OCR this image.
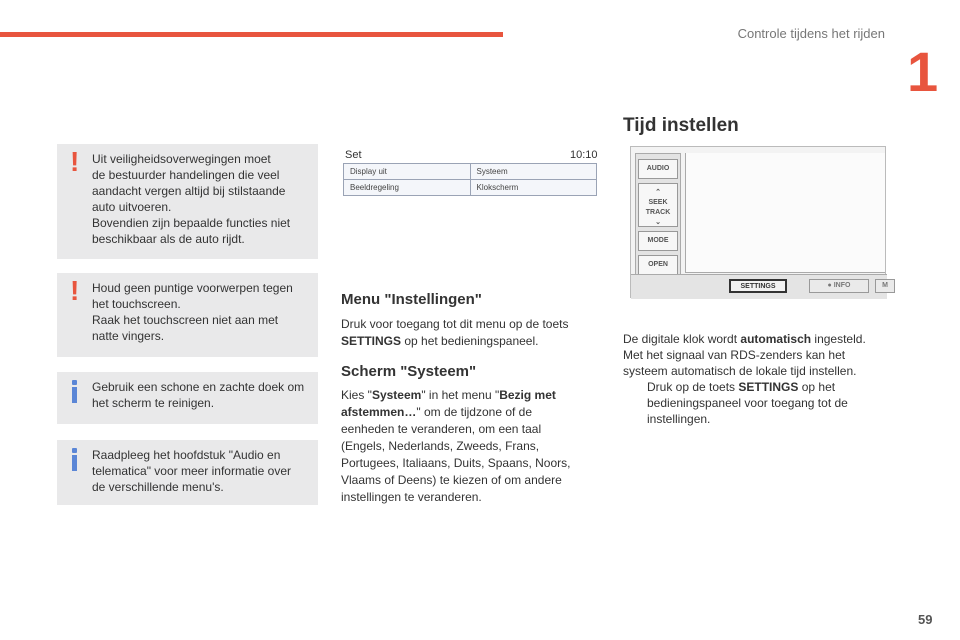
Controle tijdens het rijden
1
! Uit veiligheidsoverwegingen moet
de bestuurder handelingen die veel
aandacht vergen altijd bij stilstaande
auto uitvoeren.
Bovendien zijn bepaalde functies niet
beschikbaar als de auto rijdt.

! Houd geen puntige voorwerpen tegen
het touchscreen.
Raak het touchscreen niet aan met
natte vingers.

Gebruik een schone en zachte doek om
het scherm te reinigen.

Raadpleeg het hoofdstuk "Audio en
telematica" voor meer informatie over
de verschillende menu's.

Set	10:10
Display uit	Systeem
Beeldregeling	Klokscherm
Menu "Instellingen"
Druk voor toegang tot dit menu op de toets SETTINGS op het bedieningspaneel.
Scherm "Systeem"
Kies "Systeem" in het menu "Bezig met afstemmen…" om de tijdzone of de eenheden te veranderen, om een taal (Engels, Nederlands, Zweeds, Frans, Portugees, Italiaans, Duits, Spaans, Noors, Vlaams of Deens) te kiezen of om andere instellingen te veranderen.
Tijd instellen
AUDIO
⌃
SEEK
TRACK
⌄
MODE
OPEN
SETTINGS	● INFO	M
De digitale klok wordt automatisch ingesteld. Met het signaal van RDS-zenders kan het systeem automatisch de lokale tijd instellen.
Druk op de toets SETTINGS op het bedieningspaneel voor toegang tot de instellingen.
59
